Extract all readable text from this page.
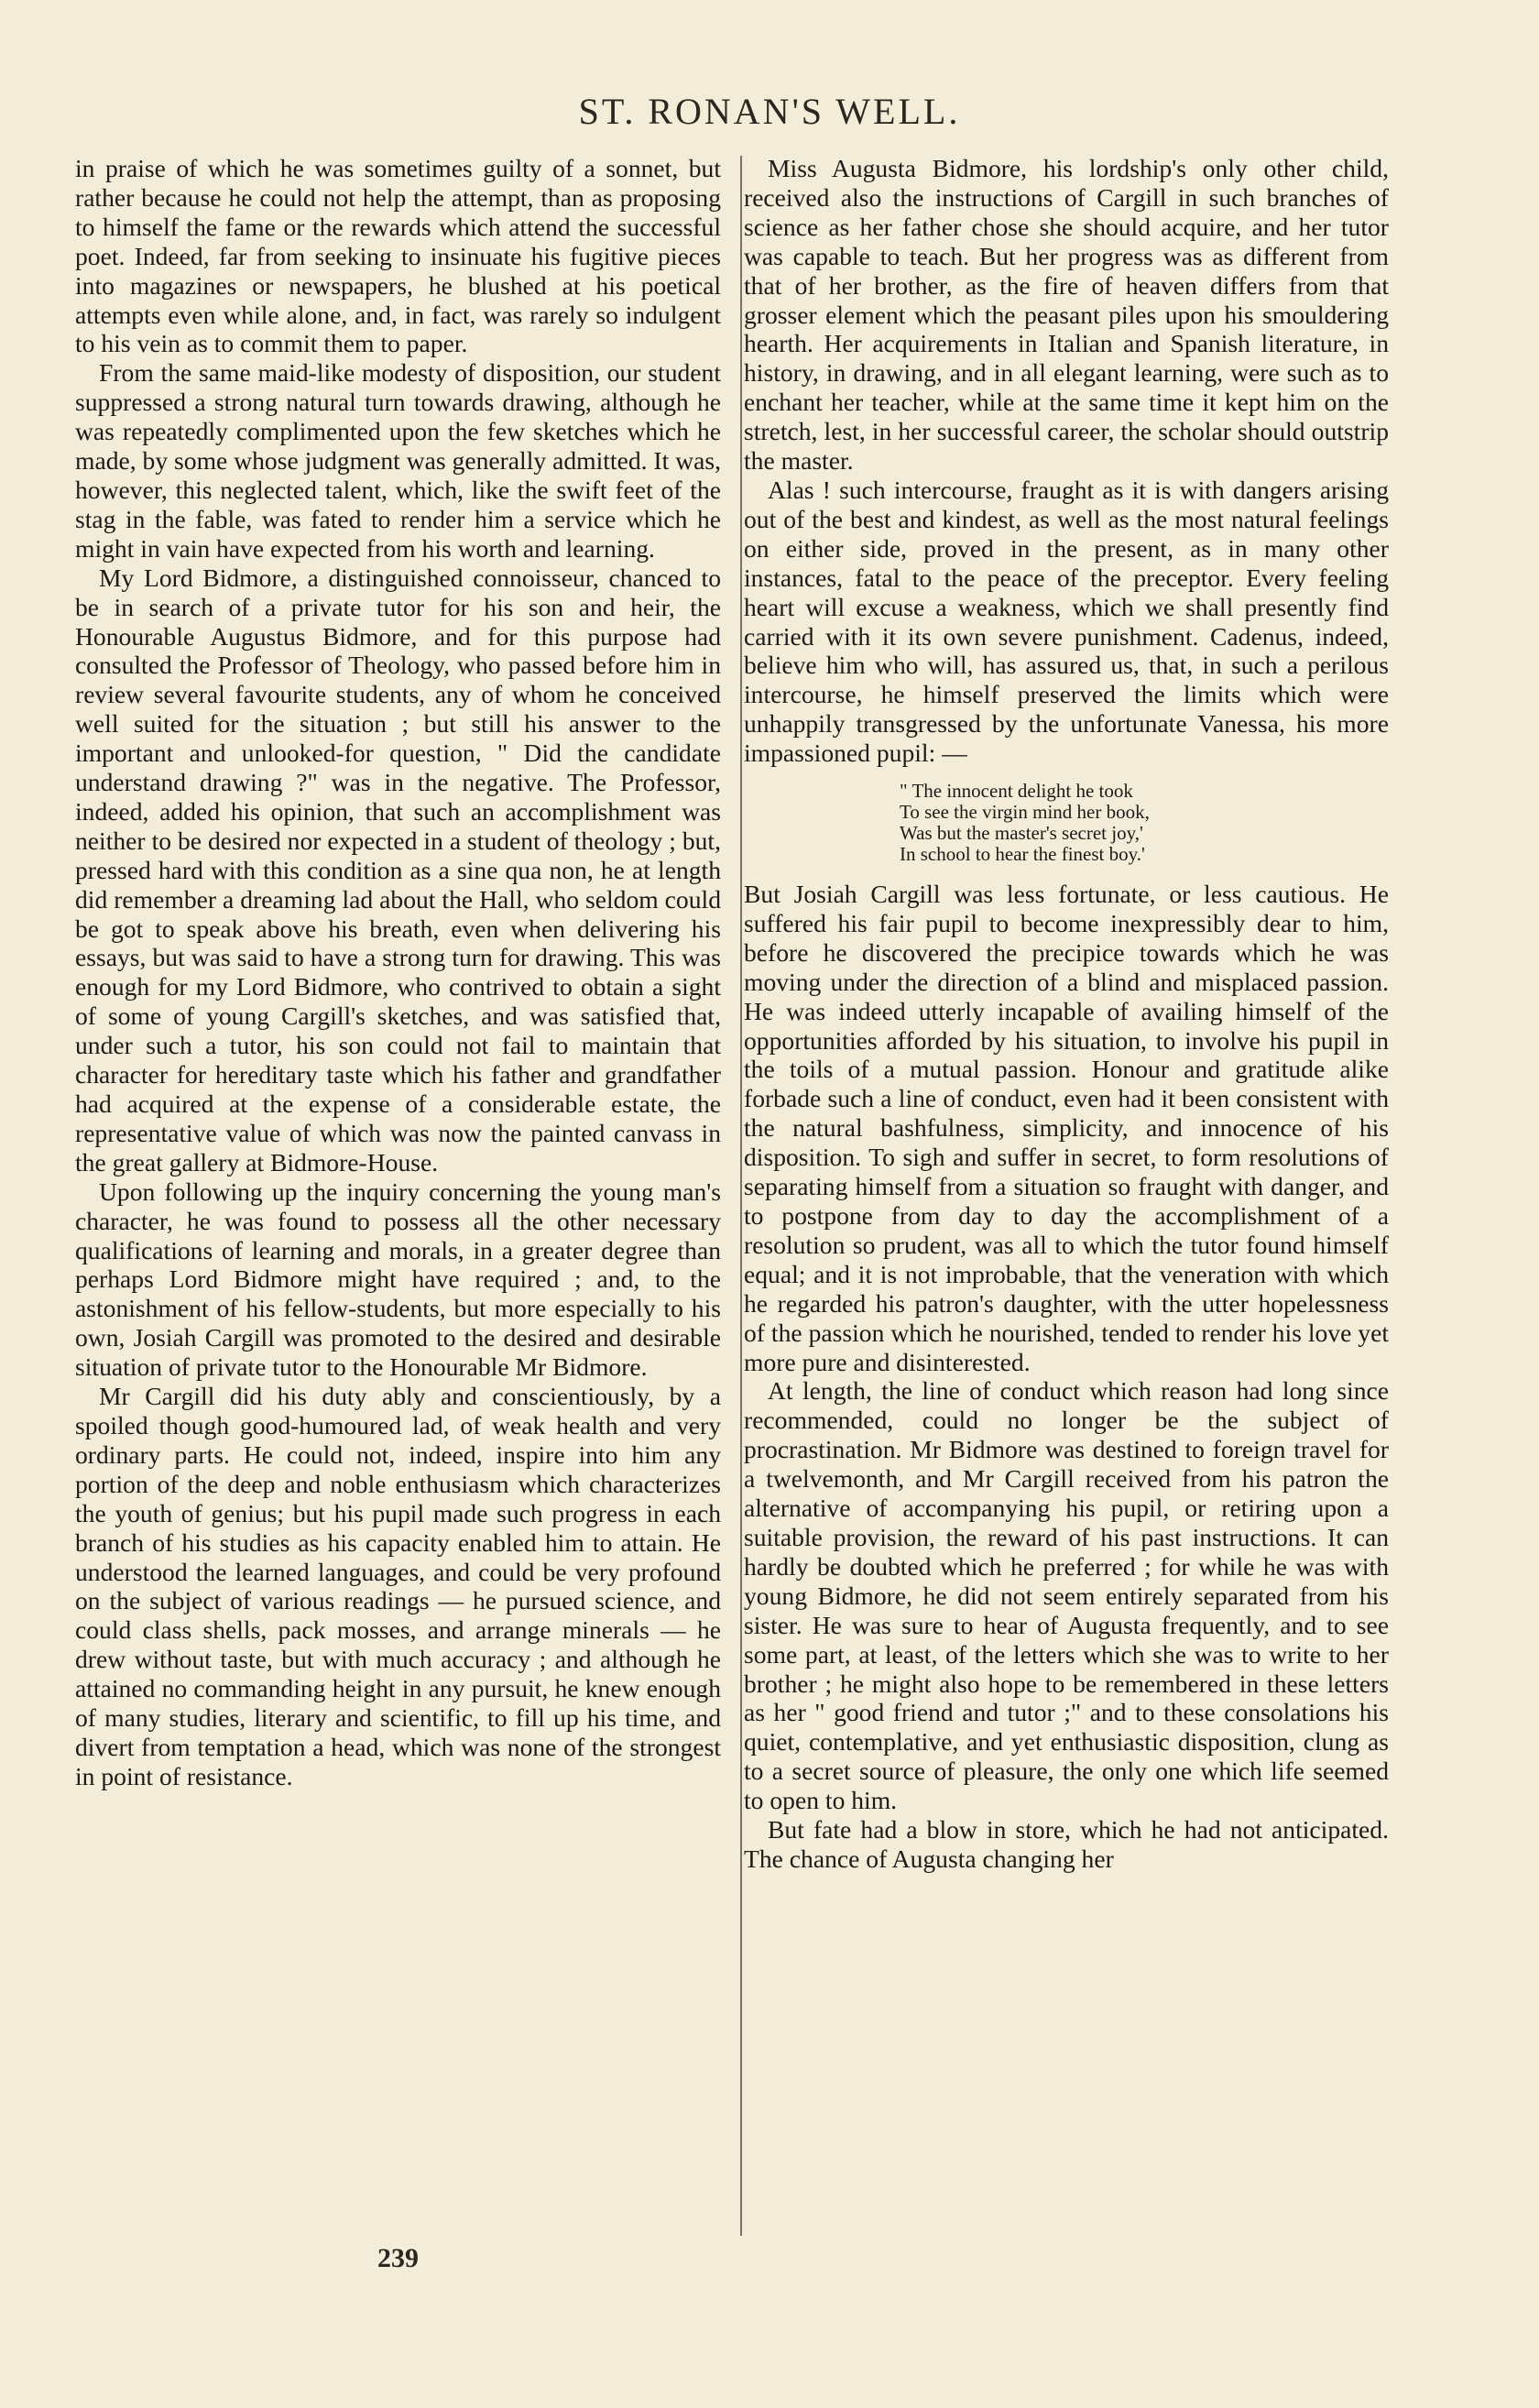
ST. RONAN'S WELL.

in praise of which he was sometimes guilty of a sonnet, but rather because he could not help the attempt, than as proposing to himself the fame or the rewards which attend the successful poet. Indeed, far from seeking to insinuate his fugitive pieces into magazines or newspapers, he blushed at his poetical attempts even while alone, and, in fact, was rarely so indulgent to his vein as to commit them to paper.

From the same maid-like modesty of disposition, our student suppressed a strong natural turn towards drawing, although he was repeatedly complimented upon the few sketches which he made, by some whose judgment was generally admitted. It was, however, this neglected talent, which, like the swift feet of the stag in the fable, was fated to render him a service which he might in vain have expected from his worth and learning.

My Lord Bidmore, a distinguished connoisseur, chanced to be in search of a private tutor for his son and heir, the Honourable Augustus Bidmore, and for this purpose had consulted the Professor of Theology, who passed before him in review several favourite students, any of whom he conceived well suited for the situation ; but still his answer to the important and unlooked-for question, " Did the candidate understand drawing ?" was in the negative. The Professor, indeed, added his opinion, that such an accomplishment was neither to be desired nor expected in a student of theology ; but, pressed hard with this condition as a sine qua non, he at length did remember a dreaming lad about the Hall, who seldom could be got to speak above his breath, even when delivering his essays, but was said to have a strong turn for drawing. This was enough for my Lord Bidmore, who contrived to obtain a sight of some of young Cargill's sketches, and was satisfied that, under such a tutor, his son could not fail to maintain that character for hereditary taste which his father and grandfather had acquired at the expense of a considerable estate, the representative value of which was now the painted canvass in the great gallery at Bidmore-House.

Upon following up the inquiry concerning the young man's character, he was found to possess all the other necessary qualifications of learning and morals, in a greater degree than perhaps Lord Bidmore might have required ; and, to the astonishment of his fellow-students, but more especially to his own, Josiah Cargill was promoted to the desired and desirable situation of private tutor to the Honourable Mr Bidmore.

Mr Cargill did his duty ably and conscientiously, by a spoiled though good-humoured lad, of weak health and very ordinary parts. He could not, indeed, inspire into him any portion of the deep and noble enthusiasm which characterizes the youth of genius; but his pupil made such progress in each branch of his studies as his capacity enabled him to attain. He understood the learned languages, and could be very profound on the subject of various readings — he pursued science, and could class shells, pack mosses, and arrange minerals — he drew without taste, but with much accuracy ; and although he attained no commanding height in any pursuit, he knew enough of many studies, literary and scientific, to fill up his time, and divert from temptation a head, which was none of the strongest in point of resistance.

Miss Augusta Bidmore, his lordship's only other child, received also the instructions of Cargill in such branches of science as her father chose she should acquire, and her tutor was capable to teach. But her progress was as different from that of her brother, as the fire of heaven differs from that grosser element which the peasant piles upon his smouldering hearth. Her acquirements in Italian and Spanish literature, in history, in drawing, and in all elegant learning, were such as to enchant her teacher, while at the same time it kept him on the stretch, lest, in her successful career, the scholar should outstrip the master.

Alas ! such intercourse, fraught as it is with dangers arising out of the best and kindest, as well as the most natural feelings on either side, proved in the present, as in many other instances, fatal to the peace of the preceptor. Every feeling heart will excuse a weakness, which we shall presently find carried with it its own severe punishment. Cadenus, indeed, believe him who will, has assured us, that, in such a perilous intercourse, he himself preserved the limits which were unhappily transgressed by the unfortunate Vanessa, his more impassioned pupil: —

" The innocent delight he took
To see the virgin mind her book,
Was but the master's secret joy,'
In school to hear the finest boy.'

But Josiah Cargill was less fortunate, or less cautious. He suffered his fair pupil to become inexpressibly dear to him, before he discovered the precipice towards which he was moving under the direction of a blind and misplaced passion. He was indeed utterly incapable of availing himself of the opportunities afforded by his situation, to involve his pupil in the toils of a mutual passion. Honour and gratitude alike forbade such a line of conduct, even had it been consistent with the natural bashfulness, simplicity, and innocence of his disposition. To sigh and suffer in secret, to form resolutions of separating himself from a situation so fraught with danger, and to postpone from day to day the accomplishment of a resolution so prudent, was all to which the tutor found himself equal; and it is not improbable, that the veneration with which he regarded his patron's daughter, with the utter hopelessness of the passion which he nourished, tended to render his love yet more pure and disinterested.

At length, the line of conduct which reason had long since recommended, could no longer be the subject of procrastination. Mr Bidmore was destined to foreign travel for a twelvemonth, and Mr Cargill received from his patron the alternative of accompanying his pupil, or retiring upon a suitable provision, the reward of his past instructions. It can hardly be doubted which he preferred ; for while he was with young Bidmore, he did not seem entirely separated from his sister. He was sure to hear of Augusta frequently, and to see some part, at least, of the letters which she was to write to her brother ; he might also hope to be remembered in these letters as her " good friend and tutor ;" and to these consolations his quiet, contemplative, and yet enthusiastic disposition, clung as to a secret source of pleasure, the only one which life seemed to open to him.

But fate had a blow in store, which he had not anticipated. The chance of Augusta changing her

239
